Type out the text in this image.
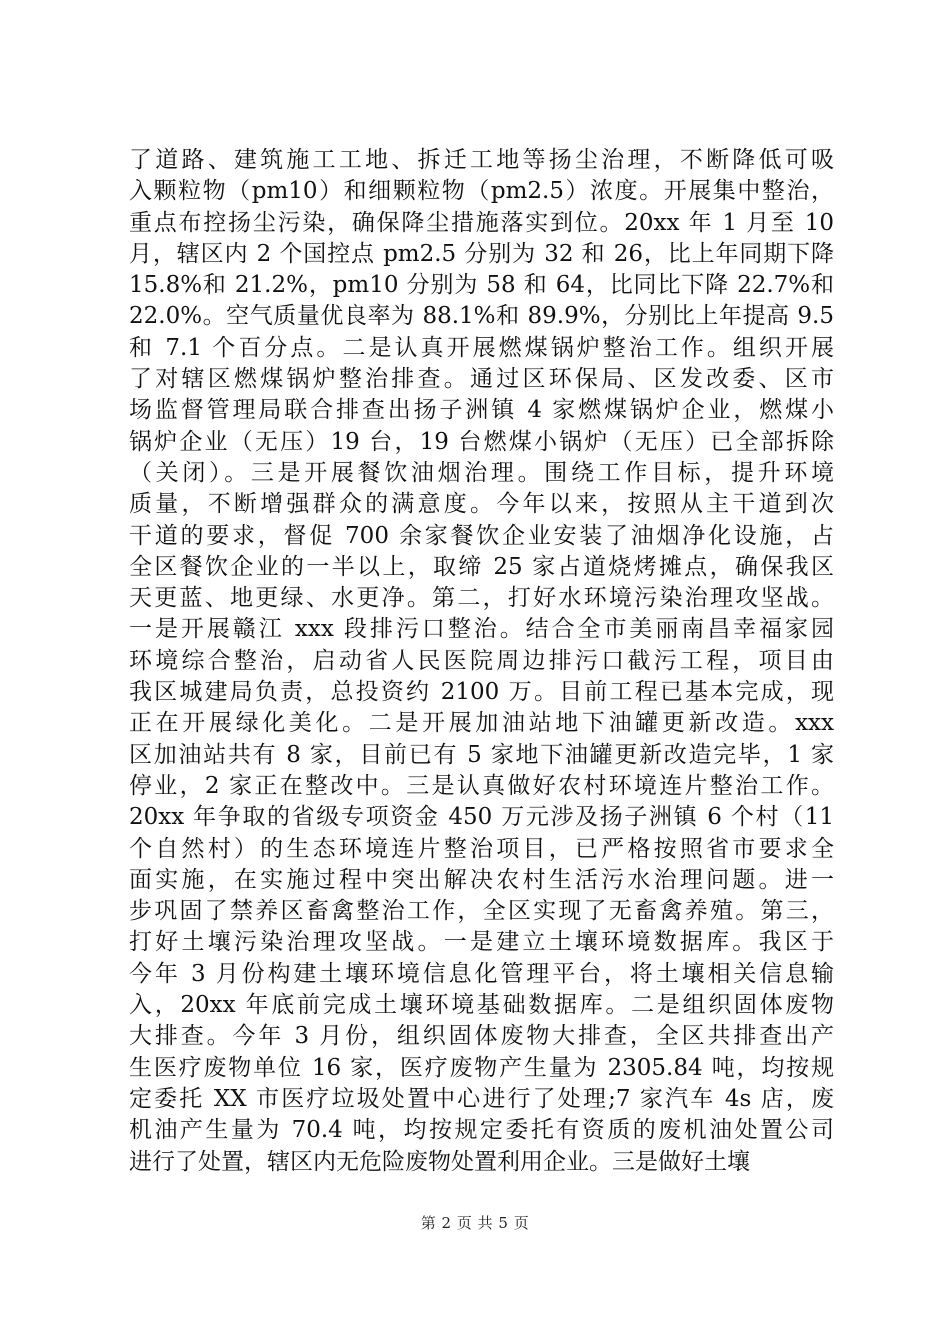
了道路、建筑施工工地、拆迁工地等扬尘治理，不断降低可吸
入颗粒物（pm10）和细颗粒物（pm2.5）浓度。开展集中整治，
重点布控扬尘污染，确保降尘措施落实到位。20xx 年 1 月至 10
月，辖区内 2 个国控点 pm2.5 分别为 32 和 26，比上年同期下降
15.8%和 21.2%，pm10 分别为 58 和 64，比同比下降 22.7%和
22.0%。空气质量优良率为 88.1%和 89.9%，分别比上年提高 9.5
和 7.1 个百分点。二是认真开展燃煤锅炉整治工作。组织开展
了对辖区燃煤锅炉整治排查。通过区环保局、区发改委、区市
场监督管理局联合排查出扬子洲镇 4 家燃煤锅炉企业，燃煤小
锅炉企业（无压）19 台，19 台燃煤小锅炉（无压）已全部拆除
（关闭）。三是开展餐饮油烟治理。围绕工作目标，提升环境
质量，不断增强群众的满意度。今年以来，按照从主干道到次
干道的要求，督促 700 余家餐饮企业安装了油烟净化设施，占
全区餐饮企业的一半以上，取缔 25 家占道烧烤摊点，确保我区
天更蓝、地更绿、水更净。第二，打好水环境污染治理攻坚战。
一是开展赣江 xxx 段排污口整治。结合全市美丽南昌幸福家园
环境综合整治，启动省人民医院周边排污口截污工程，项目由
我区城建局负责，总投资约 2100 万。目前工程已基本完成，现
正在开展绿化美化。二是开展加油站地下油罐更新改造。xxx
区加油站共有 8 家，目前已有 5 家地下油罐更新改造完毕，1 家
停业，2 家正在整改中。三是认真做好农村环境连片整治工作。
20xx 年争取的省级专项资金 450 万元涉及扬子洲镇 6 个村（11
个自然村）的生态环境连片整治项目，已严格按照省市要求全
面实施，在实施过程中突出解决农村生活污水治理问题。进一
步巩固了禁养区畜禽整治工作，全区实现了无畜禽养殖。第三，
打好土壤污染治理攻坚战。一是建立土壤环境数据库。我区于
今年 3 月份构建土壤环境信息化管理平台，将土壤相关信息输
入，20xx 年底前完成土壤环境基础数据库。二是组织固体废物
大排查。今年 3 月份，组织固体废物大排查，全区共排查出产
生医疗废物单位 16 家，医疗废物产生量为 2305.84 吨，均按规
定委托 XX 市医疗垃圾处置中心进行了处理;7 家汽车 4s 店，废
机油产生量为 70.4 吨，均按规定委托有资质的废机油处置公司
进行了处置，辖区内无危险废物处置利用企业。三是做好土壤
第 2 页 共 5 页
